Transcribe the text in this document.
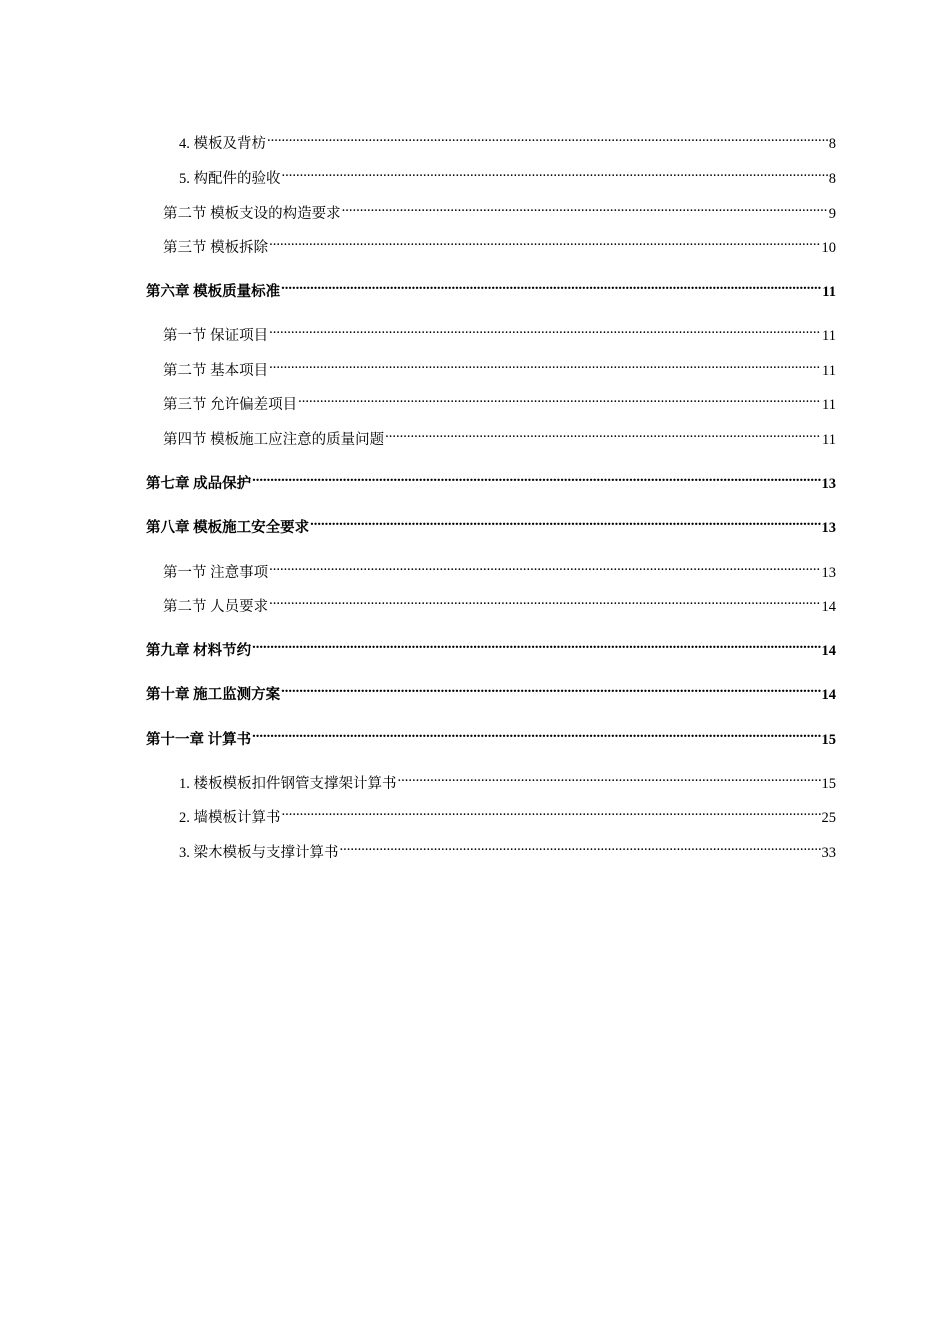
4. 模板及背枋 .....	8
5. 构配件的验收 .....	8
第二节 模板支设的构造要求 .....	9
第三节 模板拆除 .....	10
第六章 模板质量标准 .....	11
第一节 保证项目 .....	11
第二节 基本项目 .....	11
第三节 允许偏差项目 .....	11
第四节 模板施工应注意的质量问题 .....	11
第七章 成品保护 .....	13
第八章 模板施工安全要求 .....	13
第一节 注意事项 .....	13
第二节 人员要求 .....	14
第九章 材料节约 .....	14
第十章 施工监测方案 .....	14
第十一章 计算书 .....	15
1. 楼板模板扣件钢管支撑架计算书 .....	15
2. 墙模板计算书 .....	25
3. 梁木模板与支撑计算书 .....	33
